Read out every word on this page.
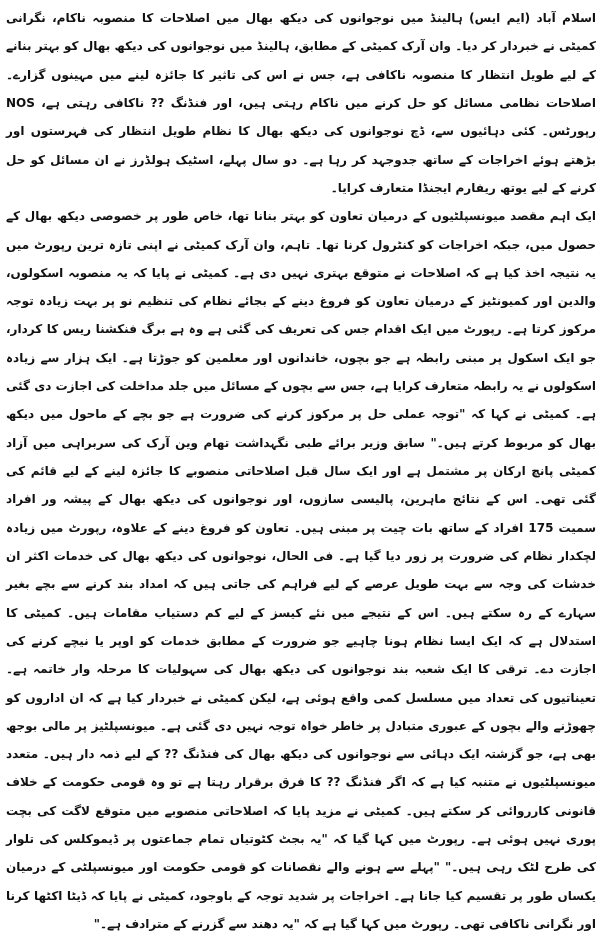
اسلام آباد (ایم ایس) ہالینڈ میں نوجوانوں کی دیکھ بھال میں اصلاحات کا منصوبہ ناکام، نگرانی کمیٹی نے خبردار کر دیا۔ وان آرک کمیٹی کے مطابق، ہالینڈ میں نوجوانوں کی دیکھ بھال کو بہتر بنانے کے لیے طویل انتظار کا منصوبہ ناکافی ہے، جس نے اس کی تاثیر کا جائزہ لینے میں مہینوں گزارے۔ اصلاحات نظامی مسائل کو حل کرنے میں ناکام رہتی ہیں، اور فنڈنگ ?? ناکافی رہتی ہے، NOS رپورٹس۔ کئی دہائیوں سے، ڈچ نوجوانوں کی دیکھ بھال کا نظام طویل انتظار کی فہرستوں اور بڑھتے ہوئے اخراجات کے ساتھ جدوجہد کر رہا ہے۔ دو سال پہلے، اسٹیک ہولڈرز نے ان مسائل کو حل کرنے کے لیے یوتھ ریفارم ایجنڈا متعارف کرایا۔

ایک اہم مقصد میونسپلٹیوں کے درمیان تعاون کو بہتر بنانا تھا، خاص طور پر خصوصی دیکھ بھال کے حصول میں، جبکہ اخراجات کو کنٹرول کرنا تھا۔ تاہم، وان آرک کمیٹی نے اپنی تازہ ترین رپورٹ میں یہ نتیجہ اخذ کیا ہے کہ اصلاحات نے متوقع بہتری نہیں دی ہے۔ کمیٹی نے پایا کہ یہ منصوبہ اسکولوں، والدین اور کمیونٹیز کے درمیان تعاون کو فروغ دینے کے بجائے نظام کی تنظیم نو پر بہت زیادہ توجہ مرکوز کرتا ہے۔ رپورٹ میں ایک اقدام جس کی تعریف کی گئی ہے وہ ہے برگ فنکشنا ریس کا کردار، جو ایک اسکول پر مبنی رابطہ ہے جو بچوں، خاندانوں اور معلمین کو جوڑتا ہے۔ ایک ہزار سے زیادہ اسکولوں نے یہ رابطہ متعارف کرایا ہے، جس سے بچوں کے مسائل میں جلد مداخلت کی اجازت دی گئی ہے۔ کمیٹی نے کہا کہ "توجہ عملی حل پر مرکوز کرنے کی ضرورت ہے جو بچے کے ماحول میں دیکھ بھال کو مربوط کرتے ہیں۔" سابق وزیر برائے طبی نگہداشت تھام وین آرک کی سربراہی میں آزاد کمیٹی پانچ ارکان پر مشتمل ہے اور ایک سال قبل اصلاحاتی منصوبے کا جائزہ لینے کے لیے قائم کی گئی تھی۔ اس کے نتائج ماہرین، پالیسی سازوں، اور نوجوانوں کی دیکھ بھال کے پیشہ ور افراد سمیت 175 افراد کے ساتھ بات چیت پر مبنی ہیں۔ تعاون کو فروغ دینے کے علاوہ، رپورٹ میں زیادہ لچکدار نظام کی ضرورت پر زور دیا گیا ہے۔ فی الحال، نوجوانوں کی دیکھ بھال کی خدمات اکثر ان خدشات کی وجہ سے بہت طویل عرصے کے لیے فراہم کی جاتی ہیں کہ امداد بند کرنے سے بچے بغیر سہارے کے رہ سکتے ہیں۔ اس کے نتیجے میں نئے کیسز کے لیے کم دستیاب مقامات ہیں۔ کمیٹی کا استدلال ہے کہ ایک ایسا نظام ہونا چاہیے جو ضرورت کے مطابق خدمات کو اوپر یا نیچے کرنے کی اجازت دے۔ ترقی کا ایک شعبہ بند نوجوانوں کی دیکھ بھال کی سہولیات کا مرحلہ وار خاتمہ ہے۔ تعیناتیوں کی تعداد میں مسلسل کمی واقع ہوئی ہے، لیکن کمیٹی نے خبردار کیا ہے کہ ان اداروں کو چھوڑنے والے بچوں کے عبوری متبادل پر خاطر خواہ توجہ نہیں دی گئی ہے۔ میونسپلٹیز پر مالی بوجھ بھی ہے، جو گزشتہ ایک دہائی سے نوجوانوں کی دیکھ بھال کی فنڈنگ ?? کے لیے ذمہ دار ہیں۔ متعدد میونسپلٹیوں نے متنبہ کیا ہے کہ اگر فنڈنگ ?? کا فرق برقرار رہتا ہے تو وہ قومی حکومت کے خلاف قانونی کارروائی کر سکتے ہیں۔ کمیٹی نے مزید پایا کہ اصلاحاتی منصوبے میں متوقع لاگت کی بچت پوری نہیں ہوئی ہے۔ رپورٹ میں کہا گیا کہ "یہ بجٹ کٹوتیاں تمام جماعتوں پر ڈیموکلس کی تلوار کی طرح لٹک رہی ہیں۔" "پہلے سے ہونے والے نقصانات کو قومی حکومت اور میونسپلٹی کے درمیان یکساں طور پر تقسیم کیا جانا ہے۔ اخراجات پر شدید توجہ کے باوجود، کمیٹی نے پایا کہ ڈیٹا اکٹھا کرنا اور نگرانی ناکافی تھی۔ رپورٹ میں کہا گیا ہے کہ "یہ دھند سے گزرنے کے مترادف ہے۔"
